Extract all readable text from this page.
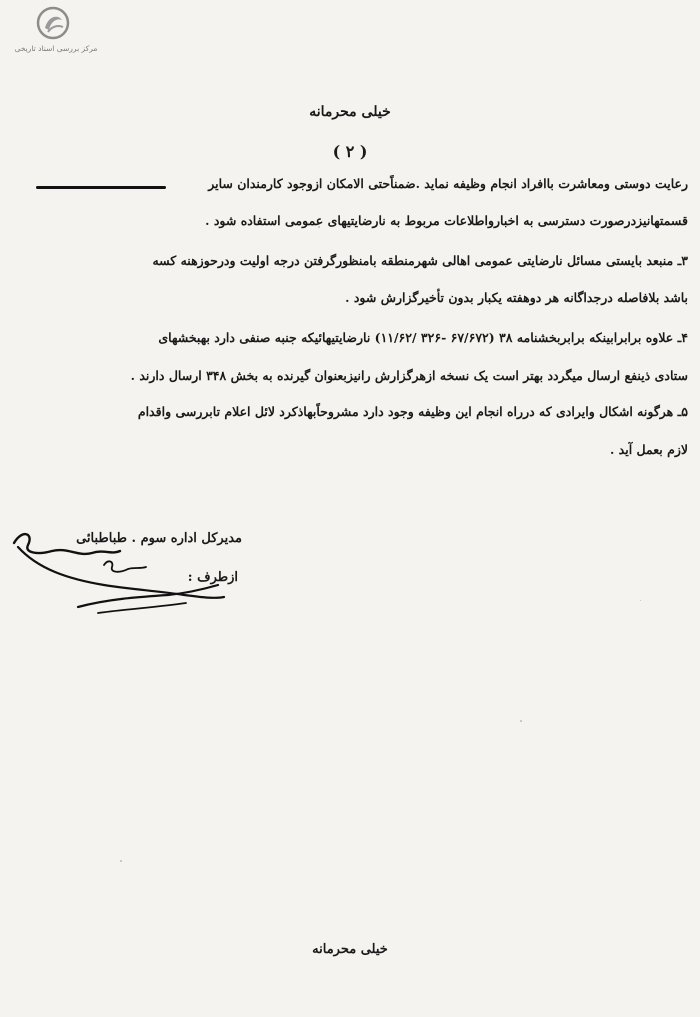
مرکز بررسی اسناد تاریخی
خیلی محرمانه
( ۲ )
رعایت دوستی ومعاشرت باافراد انجام وظیفه نماید .ضمناًحتی الامکان ازوجود کارمندان سایر
قسمتهانیزدرصورت دسترسی به اخبارواطلاعات مربوط به نارضایتیهای عمومی استفاده شود .
۳ـ منبعد بایستی مسائل نارضایتی عمومی اهالی شهرمنطقه بامنظورگرفتن درجه اولیت ودرحوزهنه کسه
باشد بلافاصله درجداگانه هر دوهفته یکبار بدون تأخیرگزارش شود .
۴ـ علاوه برابرابینکه برابربخشنامه ۳۸ (۶۷/۶۷۲ -۳۲۶ /۱۱/۶۲) نارضایتیهائیکه جنبه صنفی دارد بهبخشهای
ستادی ذینفع ارسال میگردد بهتر است یک نسخه ازهرگزارش رانیزبعنوان گیرنده به بخش ۳۴۸ ارسال دارند .
۵ـ هرگونه اشکال وایرادی که درراه انجام این وظیفه وجود دارد مشروحاًبهاذکرد لائل اعلام تابررسی واقدام
لازم بعمل آید .
مدیرکل اداره سوم . طباطبائی
ازطرف :
خیلی محرمانه
